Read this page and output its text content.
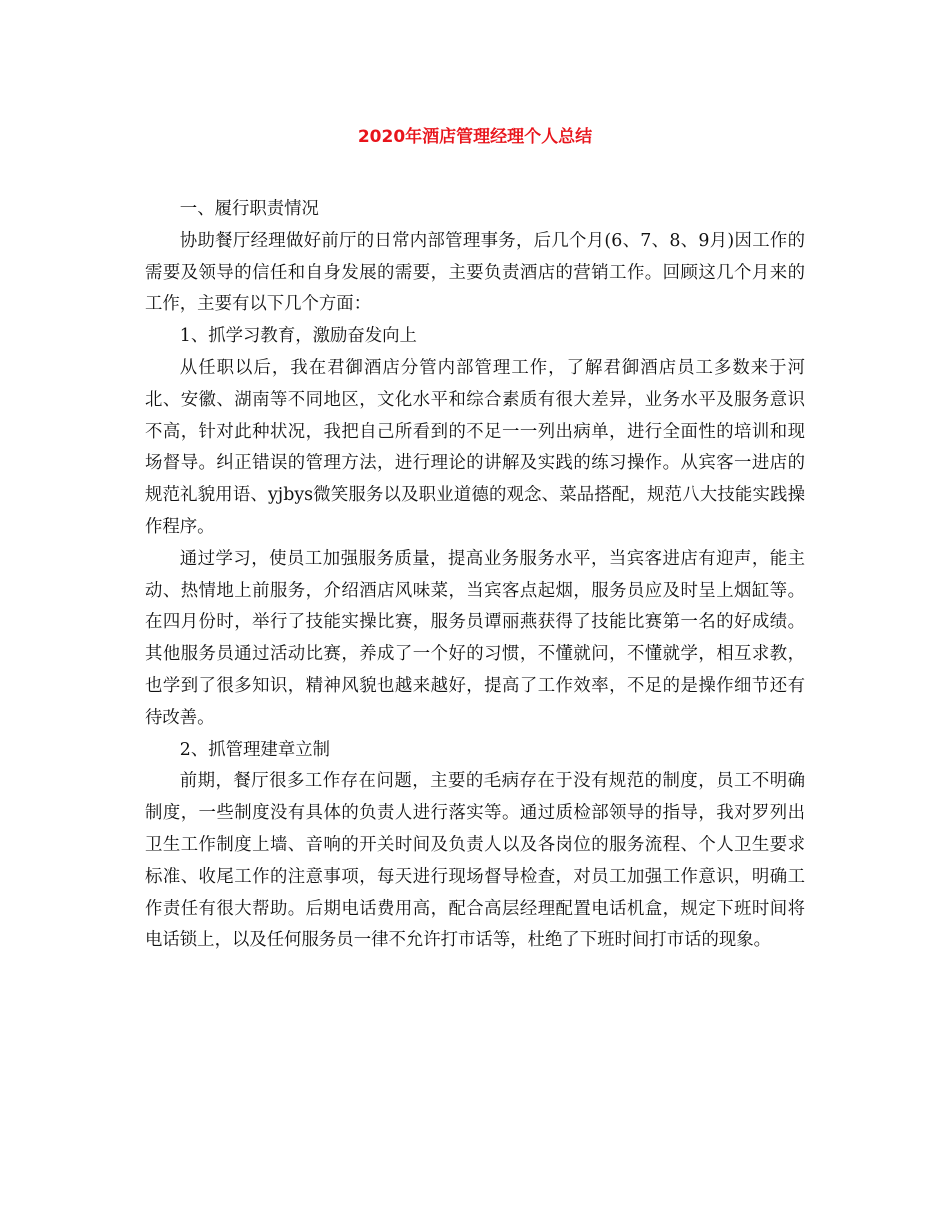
2020年酒店管理经理个人总结

一、履行职责情况

协助餐厅经理做好前厅的日常内部管理事务，后几个月(6、7、8、9月)因工作的需要及领导的信任和自身发展的需要，主要负责酒店的营销工作。回顾这几个月来的工作，主要有以下几个方面：

1、抓学习教育，激励奋发向上

从任职以后，我在君御酒店分管内部管理工作，了解君御酒店员工多数来于河北、安徽、湖南等不同地区，文化水平和综合素质有很大差异，业务水平及服务意识不高，针对此种状况，我把自己所看到的不足一一列出病单，进行全面性的培训和现场督导。纠正错误的管理方法，进行理论的讲解及实践的练习操作。从宾客一进店的规范礼貌用语、yjbys微笑服务以及职业道德的观念、菜品搭配，规范八大技能实践操作程序。

通过学习，使员工加强服务质量，提高业务服务水平，当宾客进店有迎声，能主动、热情地上前服务，介绍酒店风味菜，当宾客点起烟，服务员应及时呈上烟缸等。在四月份时，举行了技能实操比赛，服务员谭丽燕获得了技能比赛第一名的好成绩。其他服务员通过活动比赛，养成了一个好的习惯，不懂就问，不懂就学，相互求教，也学到了很多知识，精神风貌也越来越好，提高了工作效率，不足的是操作细节还有待改善。

2、抓管理建章立制

前期，餐厅很多工作存在问题，主要的毛病存在于没有规范的制度，员工不明确制度，一些制度没有具体的负责人进行落实等。通过质检部领导的指导，我对罗列出卫生工作制度上墙、音响的开关时间及负责人以及各岗位的服务流程、个人卫生要求标准、收尾工作的注意事项，每天进行现场督导检查，对员工加强工作意识，明确工作责任有很大帮助。后期电话费用高，配合高层经理配置电话机盒，规定下班时间将电话锁上，以及任何服务员一律不允许打市话等，杜绝了下班时间打市话的现象。
